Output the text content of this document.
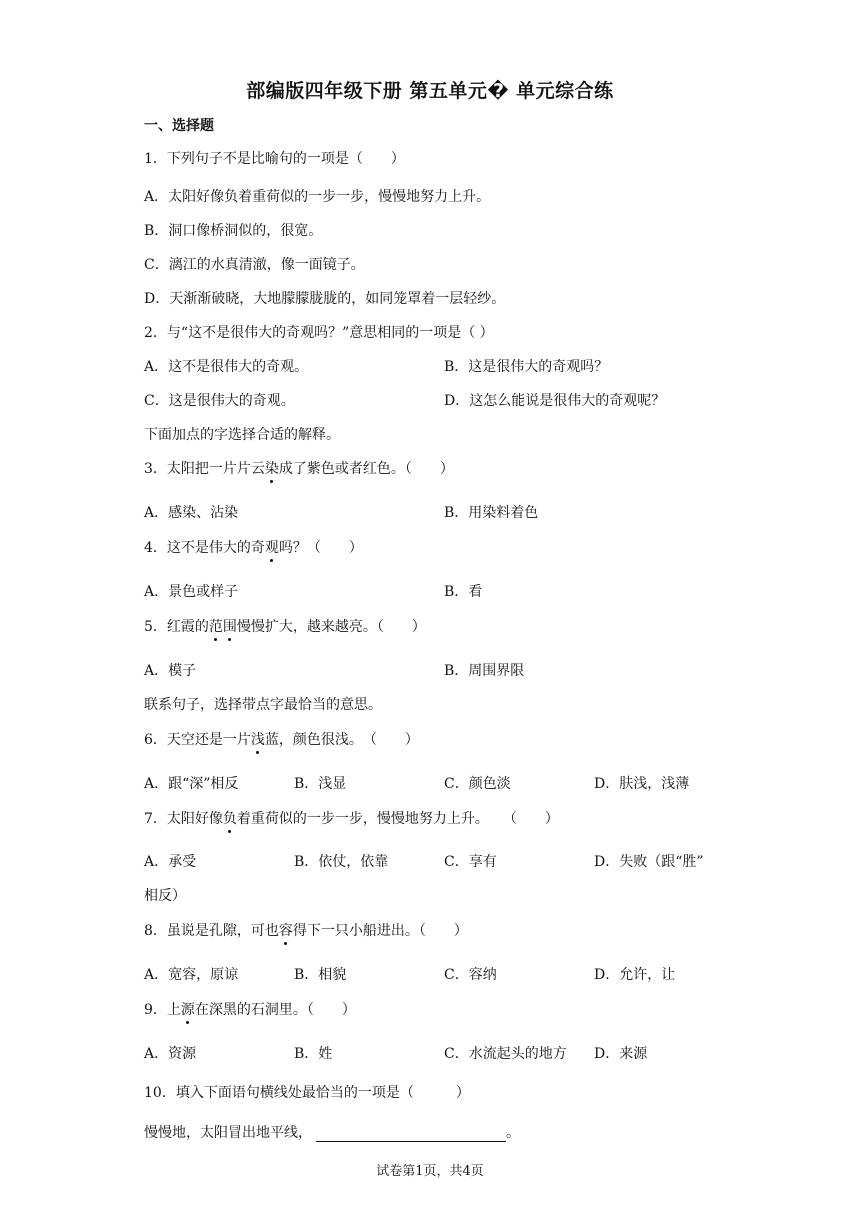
部编版四年级下册 第五单元� 单元综合练
一、选择题
1．下列句子不是比喻句的一项是（　　）
A．太阳好像负着重荷似的一步一步，慢慢地努力上升。
B．洞口像桥洞似的，很宽。
C．漓江的水真清澈，像一面镜子。
D．天渐渐破晓，大地朦朦胧胧的，如同笼罩着一层轻纱。
2．与“这不是很伟大的奇观吗？”意思相同的一项是（ ）
A．这不是很伟大的奇观。	B．这是很伟大的奇观吗？
C．这是很伟大的奇观。	D．这怎么能说是很伟大的奇观呢？
下面加点的字选择合适的解释。
3．太阳把一片片云染成了紫色或者红色。（　　）
A．感染、沾染	B．用染料着色
4．这不是伟大的奇观吗？（　　）
A．景色或样子	B．看
5．红霞的范围慢慢扩大，越来越亮。（　　）
A．模子	B．周围界限
联系句子，选择带点字最恰当的意思。
6．天空还是一片浅蓝，颜色很浅。　（　　）
A．跟“深”相反	B．浅显	C．颜色淡	D．肤浅，浅薄
7．太阳好像负着重荷似的一步一步，慢慢地努力上升。　　（　　）
A．承受	B．依仗，依靠	C．享有	D．失败（跟“胜”
相反）
8．虽说是孔隙，可也容得下一只小船进出。（　　）
A．宽容，原谅	B．相貌	C．容纳	D．允许，让
9．上源在深黑的石洞里。（　　）
A．资源	B．姓	C．水流起头的地方 D．来源
10．填入下面语句横线处最恰当的一项是（　　　）
慢慢地，太阳冒出地平线，	。
试卷第1页，共4页
